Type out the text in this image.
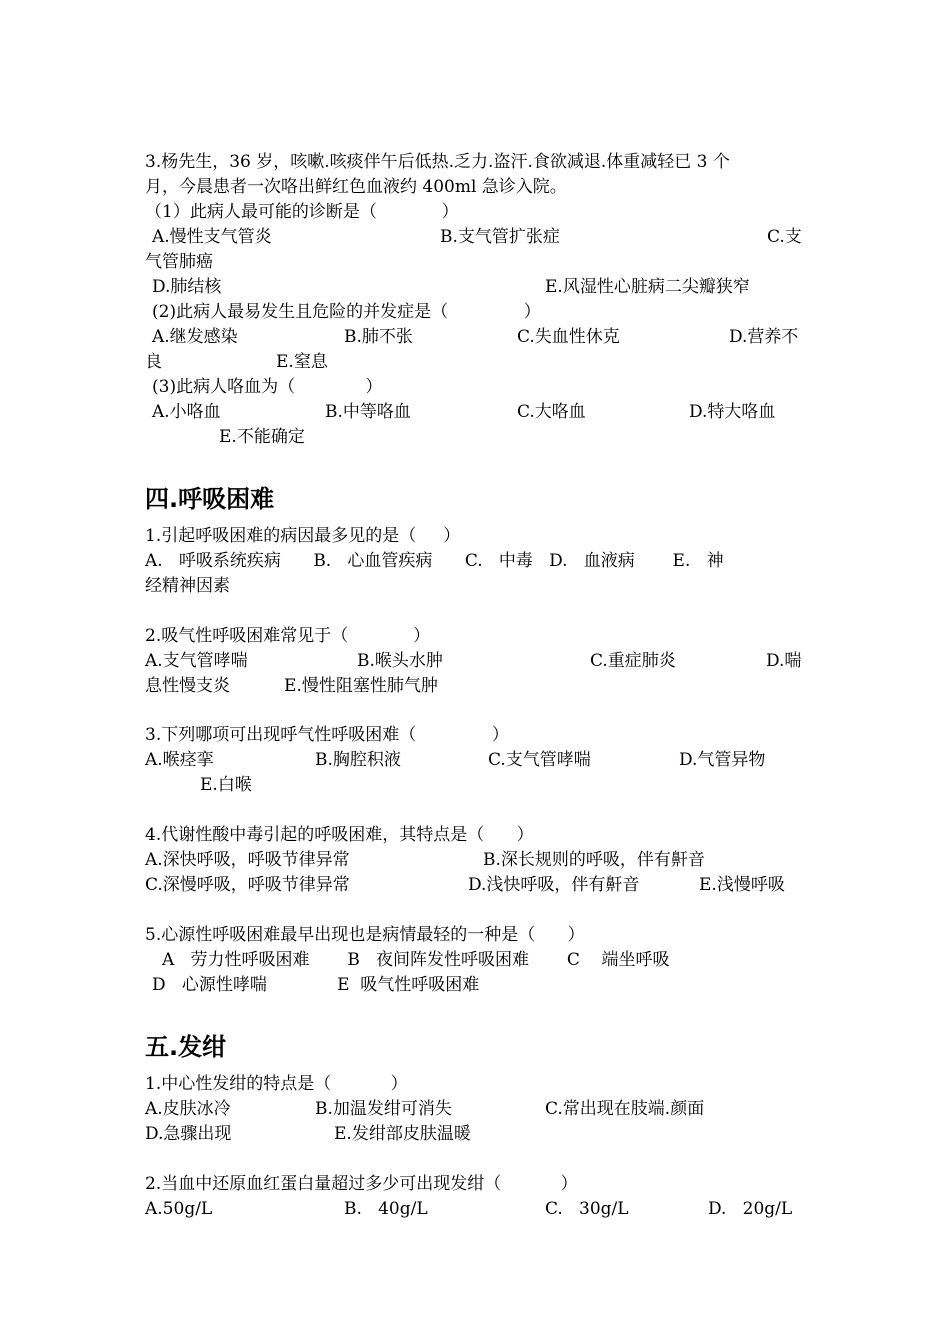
3.杨先生，36 岁，咳嗽.咳痰伴午后低热.乏力.盗汗.食欲减退.体重减轻已 3 个
月，今晨患者一次咯出鲜红色血液约 400ml 急诊入院。
（1）此病人最可能的诊断是（            ）
A.慢性支气管炎	B.支气管扩张症	C.支
气管肺癌
D.肺结核	E.风湿性心脏病二尖瓣狭窄
(2)此病人最易发生且危险的并发症是（              ）
A.继发感染	B.肺不张	C.失血性休克	D.营养不
良	E.窒息
(3)此病人咯血为（             ）
A.小咯血	B.中等咯血	C.大咯血	D.特大咯血
E.不能确定
四.呼吸困难
1.引起呼吸困难的病因最多见的是（     ）
A.   呼吸系统疾病      B.   心血管疾病      C.   中毒   D.   血液病       E.   神
经精神因素
2.吸气性呼吸困难常见于（            ）
A.支气管哮喘	B.喉头水肿	C.重症肺炎	D.喘
息性慢支炎          E.慢性阻塞性肺气肿
3.下列哪项可出现呼气性呼吸困难（              ）
A.喉痉挛	B.胸腔积液	C.支气管哮喘	D.气管异物
E.白喉
4.代谢性酸中毒引起的呼吸困难，其特点是（      ）
A.深快呼吸，呼吸节律异常	B.深长规则的呼吸，伴有鼾音
C.深慢呼吸，呼吸节律异常	D.浅快呼吸，伴有鼾音	E.浅慢呼吸
5.心源性呼吸困难最早出现也是病情最轻的一种是（      ）
A   劳力性呼吸困难       B   夜间阵发性呼吸困难       C    端坐呼吸
D   心源性哮喘             E  吸气性呼吸困难
五.发绀
1.中心性发绀的特点是（           ）
A.皮肤冰冷	B.加温发绀可消失	C.常出现在肢端.颜面
D.急骤出现	E.发绀部皮肤温暖
2.当血中还原血红蛋白量超过多少可出现发绀（           ）
A.50g/L	B.   40g/L	C.   30g/L	D.   20g/L
